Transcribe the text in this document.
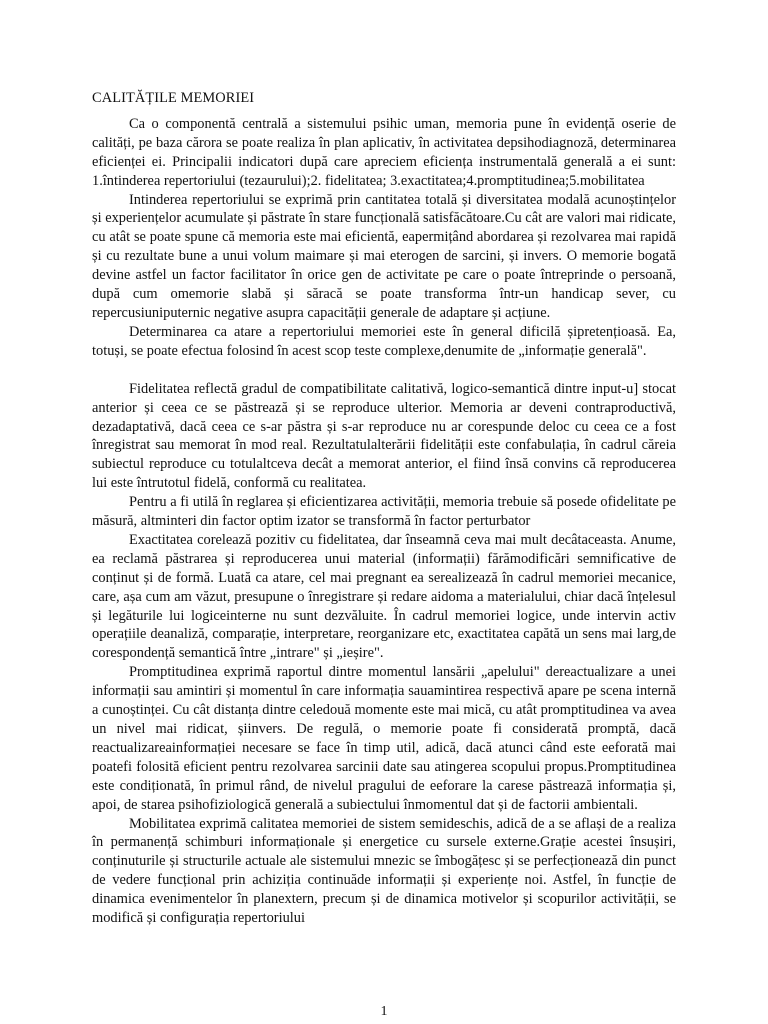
CALITĂȚILE MEMORIEI

Ca o componentă centrală a sistemului psihic uman, memoria pune în evidență oserie de calități, pe baza cărora se poate realiza în plan aplicativ, în activitatea depsihodiagnoză, determinarea eficienței ei. Principalii indicatori după care apreciem eficiența instrumentală generală a ei sunt: 1.întinderea repertoriului (tezaurului);2. fidelitatea; 3.exactitatea;4.promptitudinea;5.mobilitatea

Intinderea repertoriului se exprimă prin cantitatea totală și diversitatea modală acunoștințelor și experiențelor acumulate și păstrate în stare funcțională satisfăcătoare.Cu cât are valori mai ridicate, cu atât se poate spune că memoria este mai eficientă, eapermițând abordarea și rezolvarea mai rapidă și cu rezultate bune a unui volum maimare și mai eterogen de sarcini, și invers. O memorie bogată devine astfel un factor facilitator în orice gen de activitate pe care o poate întreprinde o persoană, după cum omemorie slabă și săracă se poate transforma într-un handicap sever, cu repercusiuniputernic negative asupra capacității generale de adaptare și acțiune.

Determinarea ca atare a repertoriului memoriei este în general dificilă șipretențioasă. Ea, totuși, se poate efectua folosind în acest scop teste complexe,denumite de „informație generală".

Fidelitatea reflectă gradul de compatibilitate calitativă, logico-semantică dintre input-u] stocat anterior și ceea ce se păstrează și se reproduce ulterior. Memoria ar deveni contraproductivă, dezadaptativă, dacă ceea ce s-ar păstra și s-ar reproduce nu ar corespunde deloc cu ceea ce a fost înregistrat sau memorat în mod real. Rezultatulalterării fidelității este confabulația, în cadrul căreia subiectul reproduce cu totulaltceva decât a memorat anterior, el fiind însă convins că reproducerea lui este întrutotul fidelă, conformă cu realitatea.

Pentru a fi utilă în reglarea și eficientizarea activității, memoria trebuie să posede ofidelitate pe măsură, altminteri din factor optim izator se transformă în factor perturbator

Exactitatea corelează pozitiv cu fidelitatea, dar înseamnă ceva mai mult decâtaceasta. Anume, ea reclamă păstrarea și reproducerea unui material (informații) fărămodificări semnificative de conținut și de formă. Luată ca atare, cel mai pregnant ea serealizează în cadrul memoriei mecanice, care, așa cum am văzut, presupune o înregistrare și redare aidoma a materialului, chiar dacă înțelesul și legăturile lui logiceinterne nu sunt dezvăluite. În cadrul memoriei logice, unde intervin activ operațiile deanaliză, comparație, interpretare, reorganizare etc, exactitatea capătă un sens mai larg,de corespondență semantică între „intrare" și „ieșire".

Promptitudinea exprimă raportul dintre momentul lansării „apelului" dereactualizare a unei informații sau amintiri și momentul în care informația sauamintirea respectivă apare pe scena internă a cunoștinței. Cu cât distanța dintre celedouă momente este mai mică, cu atât promptitudinea va avea un nivel mai ridicat, șiinvers. De regulă, o memorie poate fi considerată promptă, dacă reactualizareainformației necesare se face în timp util, adică, dacă atunci când este eeforată mai poatefi folosită eficient pentru rezolvarea sarcinii date sau atingerea scopului propus.Promptitudinea este condiționată, în primul rând, de nivelul pragului de eeforare la carese păstrează informația și, apoi, de starea psihofiziologică generală a subiectului înmomentul dat și de factorii ambientali.

Mobilitatea exprimă calitatea memoriei de sistem semideschis, adică de a se aflași de a realiza în permanență schimburi informaționale și energetice cu sursele externe.Grație acestei însușiri, conținuturile și structurile actuale ale sistemului mnezic se îmbogățesc și se perfecționează din punct de vedere funcțional prin achiziția continuăde informații și experiențe noi. Astfel, în funcție de dinamica evenimentelor în planextern, precum și de dinamica motivelor și scopurilor activității, se modifică și configurația repertoriului

1
